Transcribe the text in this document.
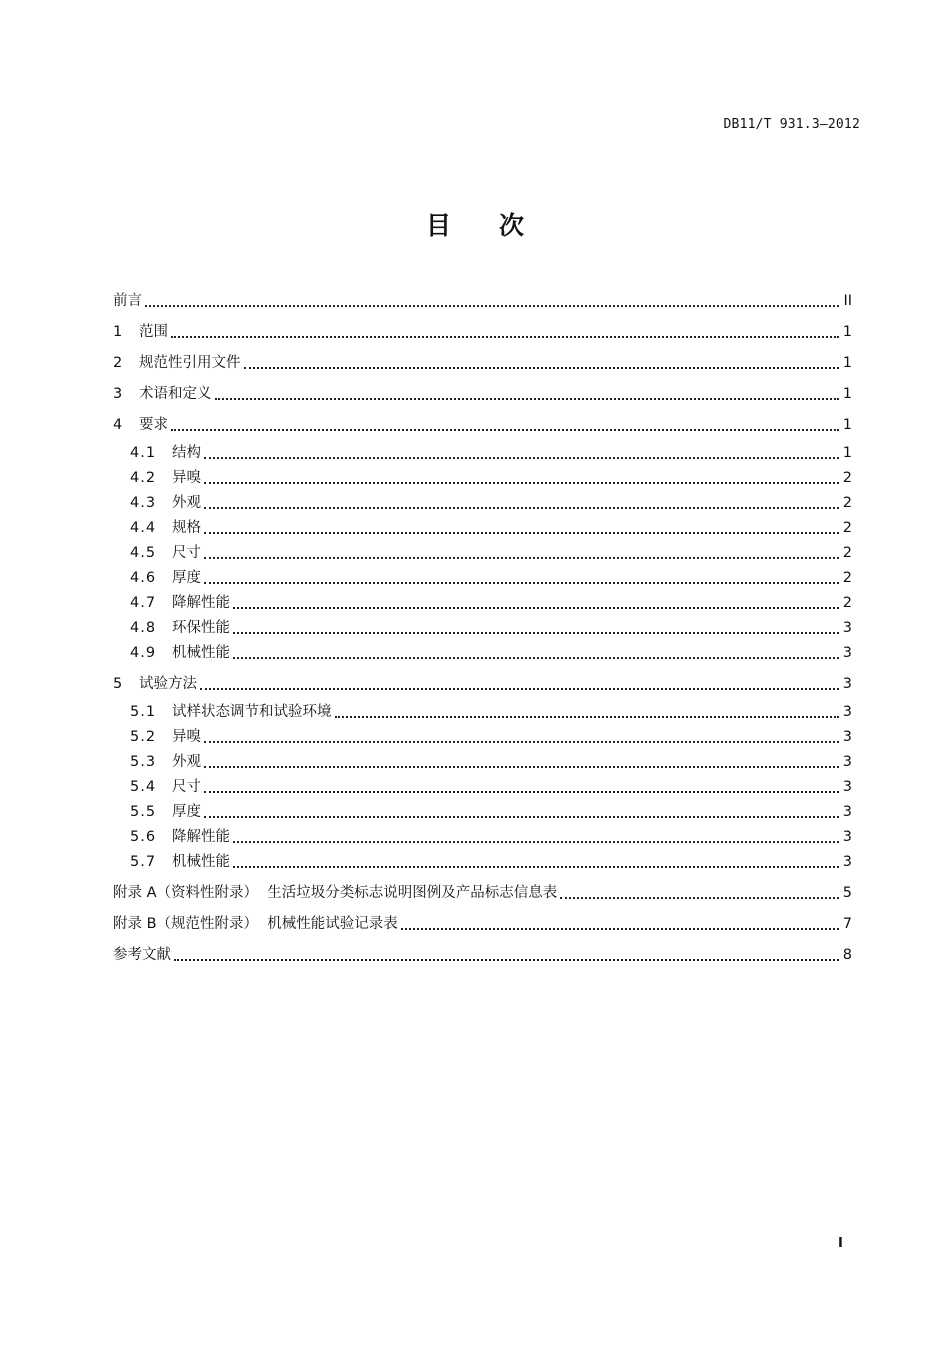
DB11/T 931.3—2012
目次
前言	II
1	范围	1
2	规范性引用文件	1
3	术语和定义	1
4	要求	1
4.1	结构	1
4.2	异嗅	2
4.3	外观	2
4.4	规格	2
4.5	尺寸	2
4.6	厚度	2
4.7	降解性能	2
4.8	环保性能	3
4.9	机械性能	3
5	试验方法	3
5.1	试样状态调节和试验环境	3
5.2	异嗅	3
5.3	外观	3
5.4	尺寸	3
5.5	厚度	3
5.6	降解性能	3
5.7	机械性能	3
附录 A（资料性附录）  生活垃圾分类标志说明图例及产品标志信息表	5
附录 B（规范性附录）  机械性能试验记录表	7
参考文献	8
I
